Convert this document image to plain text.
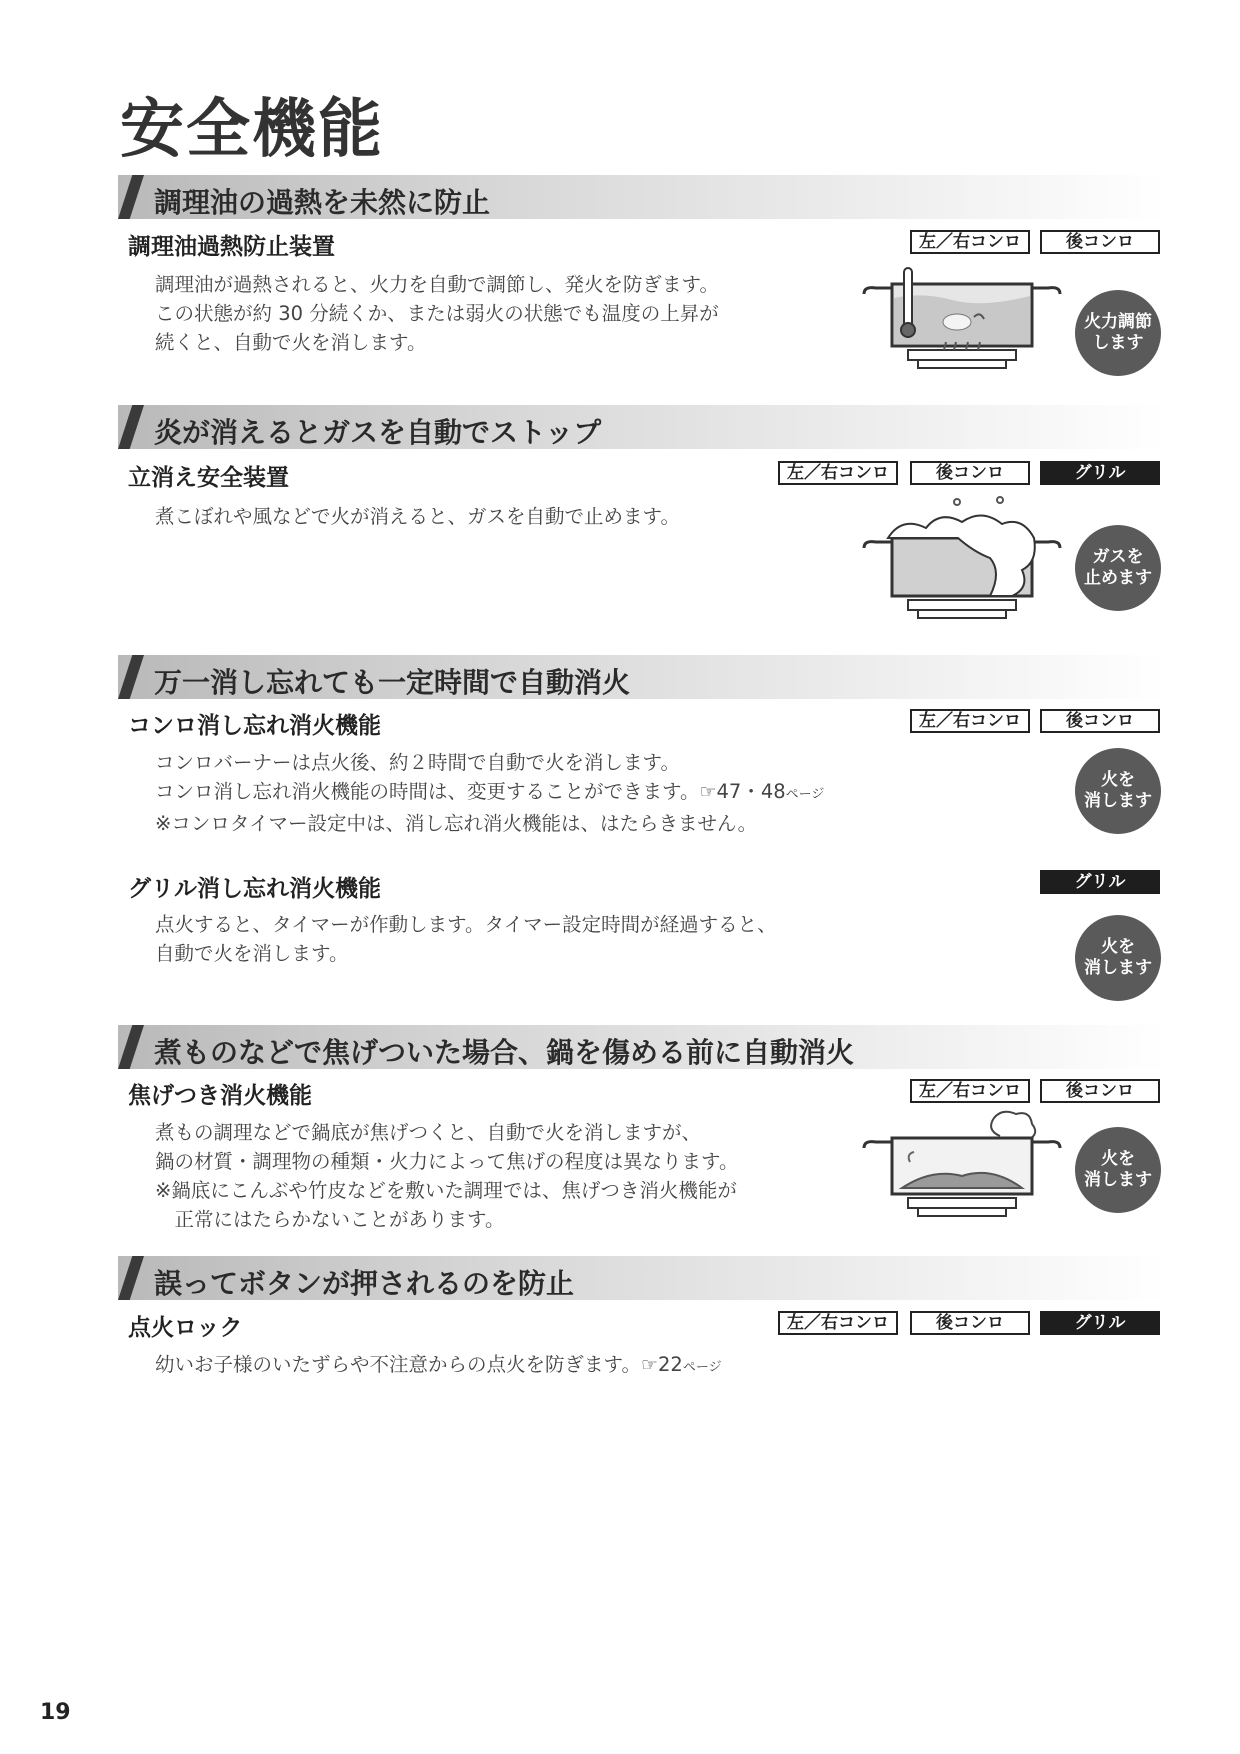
安全機能
調理油の過熱を未然に防止
調理油過熱防止装置	左／右コンロ	後コンロ
調理油が過熱されると、火力を自動で調節し、発火を防ぎます。
この状態が約 30 分続くか、または弱火の状態でも温度の上昇が
続くと、自動で火を消します。
火力調節
します
炎が消えるとガスを自動でストップ
立消え安全装置	左／右コンロ	後コンロ	グリル
煮こぼれや風などで火が消えると、ガスを自動で止めます。
ガスを
止めます
万一消し忘れても一定時間で自動消火
コンロ消し忘れ消火機能	左／右コンロ	後コンロ
コンロバーナーは点火後、約２時間で自動で火を消します。
コンロ消し忘れ消火機能の時間は、変更することができます。☞47・48ページ
※コンロタイマー設定中は、消し忘れ消火機能は、はたらきません。
火を
消します
グリル消し忘れ消火機能	グリル
点火すると、タイマーが作動します。タイマー設定時間が経過すると、
自動で火を消します。	火を
消します
煮ものなどで焦げついた場合、鍋を傷める前に自動消火
焦げつき消火機能	左／右コンロ	後コンロ
煮もの調理などで鍋底が焦げつくと、自動で火を消しますが、
鍋の材質・調理物の種類・火力によって焦げの程度は異なります。
※鍋底にこんぶや竹皮などを敷いた調理では、焦げつき消火機能が
　正常にはたらかないことがあります。
火を
消します
誤ってボタンが押されるのを防止
点火ロック	左／右コンロ	後コンロ	グリル
幼いお子様のいたずらや不注意からの点火を防ぎます。☞22ページ

19
